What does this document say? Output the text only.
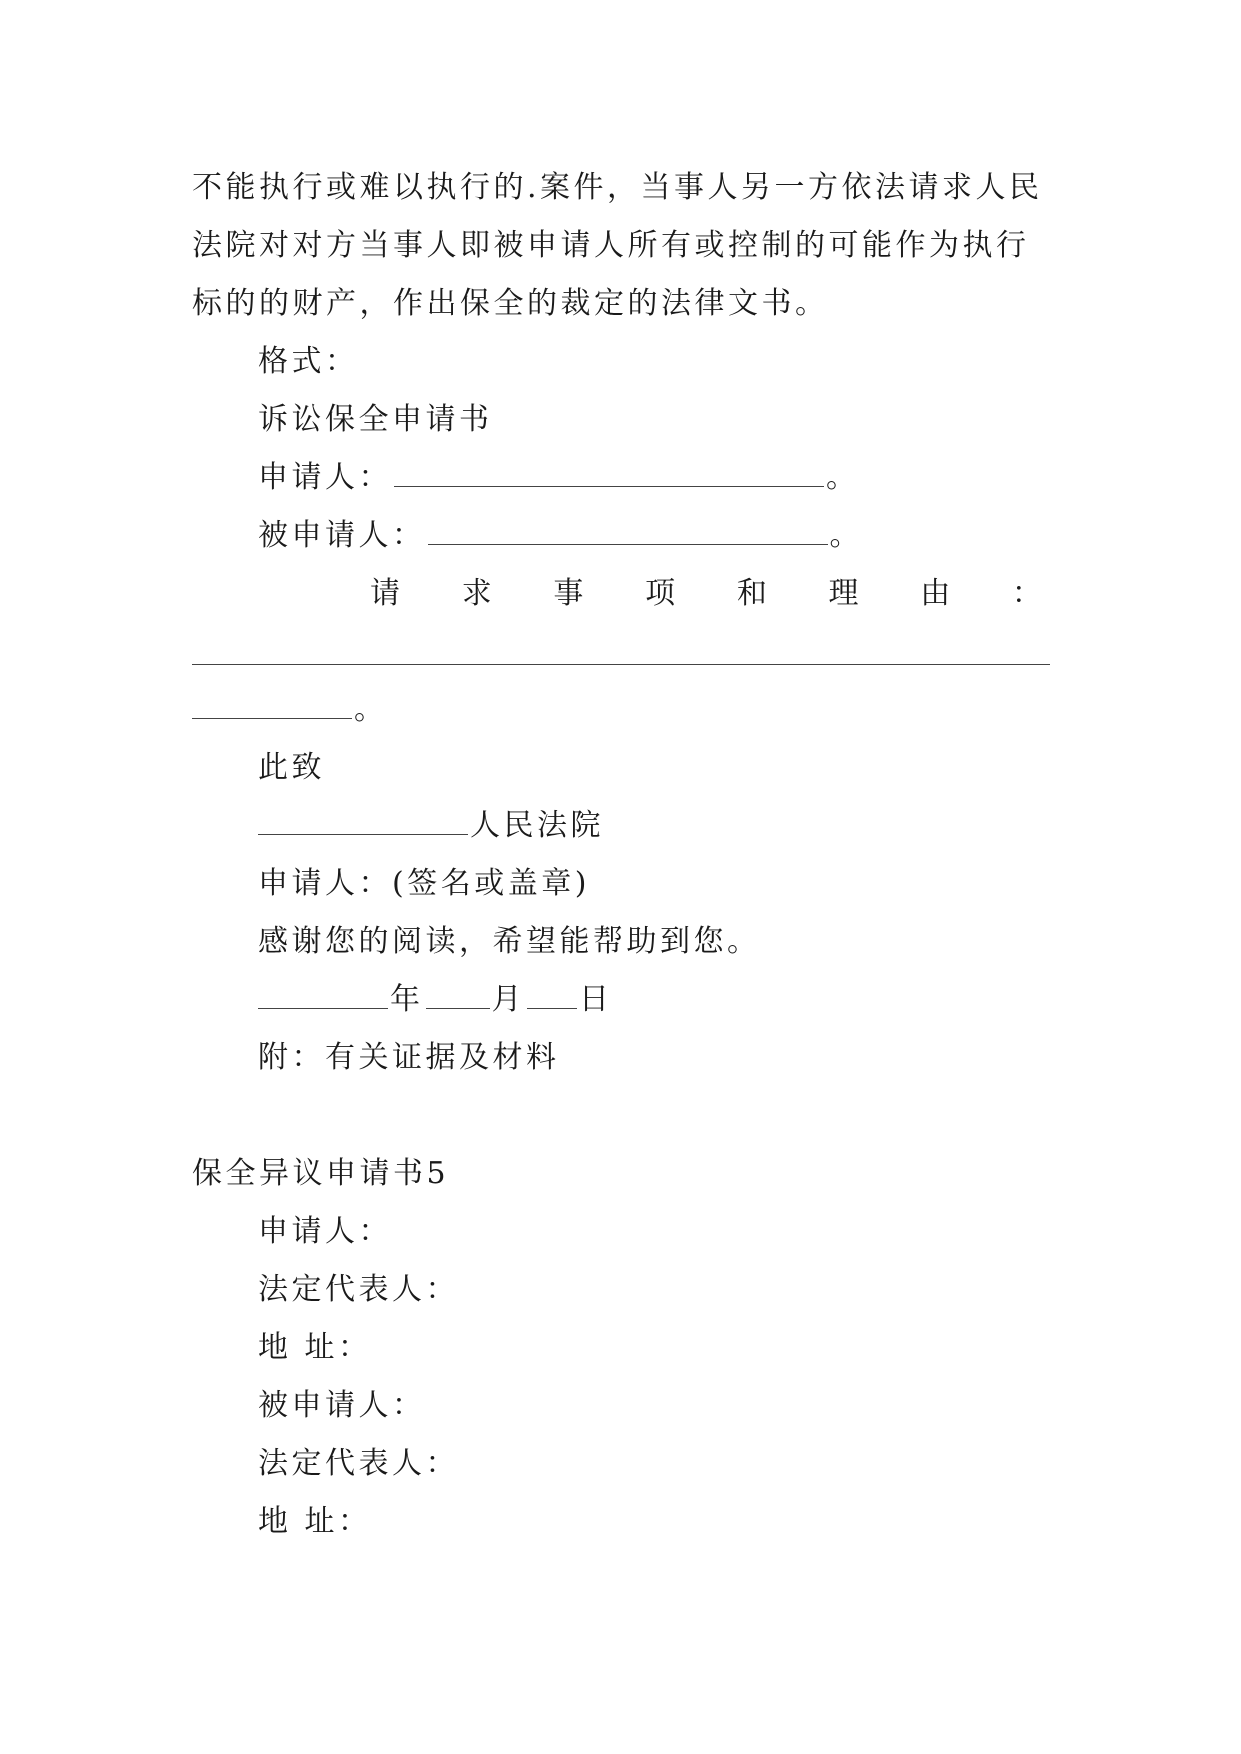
不能执行或难以执行的.案件，当事人另一方依法请求人民
法院对对方当事人即被申请人所有或控制的可能作为执行
标的的财产，作出保全的裁定的法律文书。
格式：
诉讼保全申请书
申请人：	。
被申请人：	。
请 求 事 项 和 理 由 ：
。
此致
人民法院
申请人：(签名或盖章)
感谢您的阅读，希望能帮助到您。
年 月 日
附：有关证据及材料
保全异议申请书5
申请人：
法定代表人：
地 址：
被申请人：
法定代表人：
地 址：
